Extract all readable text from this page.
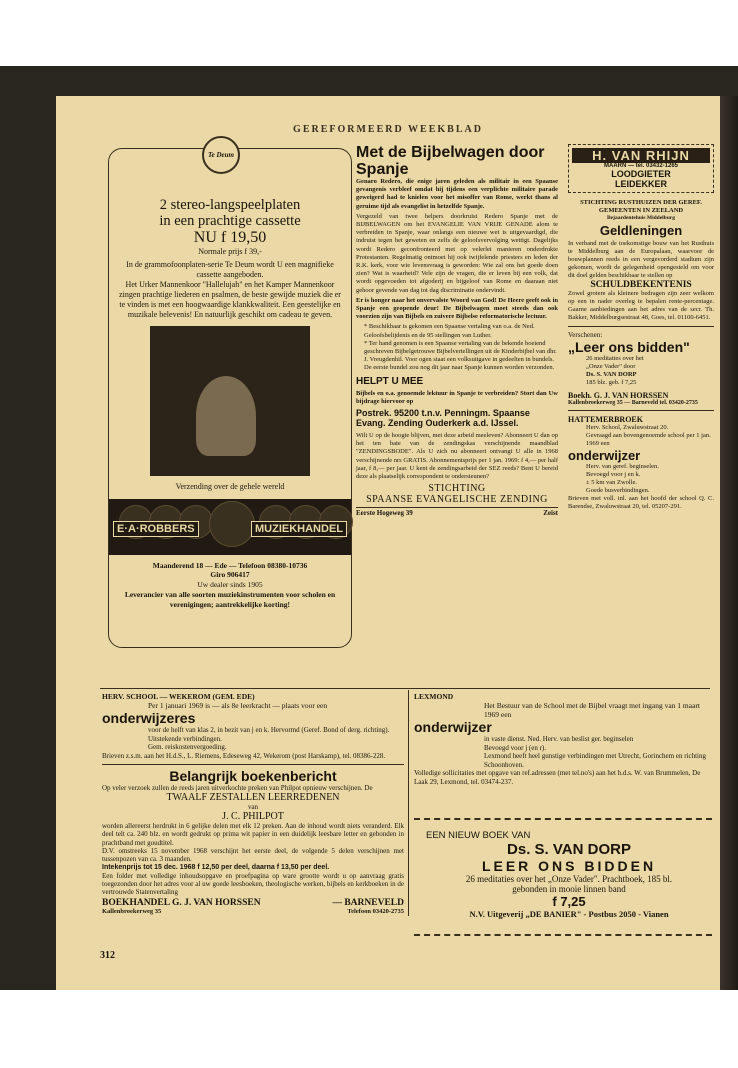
GEREFORMEERD WEEKBLAD
2 stereo-langspeelplaten
in een prachtige cassette
NU f 19,50
Normale prijs f 39,-

In de grammofoonplaten-serie Te Deum wordt U een magnifieke cassette aangeboden.

Het Urker Mannenkoor "Hallelujah" en het Kamper Mannenkoor zingen prachtige liederen en psalmen, de beste gewijde muziek die er te vinden is met een hoogwaardige klankkwaliteit. Een geestelijke en muzikale belevenis! En natuurlijk geschikt om cadeau te geven.

Verzending over de gehele wereld
E·A·ROBBERS	MUZIEKHANDEL
Maanderend 18 — Ede — Telefoon 08380-10736
Giro 906417
Uw dealer sinds 1905
Leverancier van alle soorten muziekinstrumenten voor scholen en verenigingen; aantrekkelijke korting!
Te Deum	Met de Bijbelwagen door Spanje

Genaro Redero, die enige jaren geleden als militair in een Spaanse gevangenis verbleef omdat hij tijdens een verplichte militaire parade geweigerd had te knielen voor het misoffer van Rome, werkt thans al geruime tijd als evangelist in hetzelfde Spanje.

Vergezeld van twee helpers doorkruist Redero Spanje met de BIJBELWAGEN om het EVANGELIE VAN VRIJE GENADE alom te verbreiden in Spanje, waar onlangs een nieuwe wet is uitgevaardigd, die indruist tegen het geweten en zelfs de geloofsvervolging wettigt. Dagelijks wordt Redero geconfronteerd met op velerlei manieren onderdrukte Protestanten. Regelmatig ontmoet hij ook twijfelende priesters en leden der R.K. kerk, voor wie levensvraag is geworden: Wie zal ons het goede doen zien? Wat is waarheid? Vele zijn de vragen, die er leven bij een volk, dat wordt opgevoeden tot afgoderij en bijgeloof van Rome en daaraan niet gehoor gevende van dag tot dag discriminatie ondervindt.

Er is honger naar het onvervalste Woord van God! De Heere geeft ook in Spanje een geopende deur! De Bijbelwagen moet steeds dan ook voorzien zijn van Bijbels en zuivere Bijbelse reformatorische lectuur.

* Beschikbaar is gekomen een Spaanse vertaling van o.a. de Ned. Geloofsbelijdenis en de 95 stellingen van Luther.
* Ter hand genomen is een Spaanse vertaling van de bekende boeiend geschreven Bijbelgetrouwe Bijbelvertellingen uit de Kinderbijbel van dhr. J. Vreugdenhil. Voor ogen staat een volksuitgave in gedeelten in bundels. De eerste bundel zou nog dit jaar naar Spanje kunnen worden verzonden.
HELPT U MEE

Bijbels en o.a. genoemde lektuur in Spanje te verbreiden? Stort dan Uw bijdrage hiervoor op

Postrek. 95200 t.n.v. Penningm. Spaanse Evang. Zending Ouderkerk a.d. IJssel.

Wilt U op de hoogte blijven, met deze arbeid meeleven? Abonneert U dan op het ten bate van de zendingskas verschijnende maandblad "ZENDINGSBODE". Als U zich nu abonneert ontvangt U alle in 1968 verschijnende nrs GRATIS. Abonnementsprijs per 1 jan. 1969: f 4,— per half jaar, f 8,— per jaar. U kent de zendingsarbeid der SEZ reeds? Bent U bereid deze als plaatselijk correspondent te ondersteunen?

STICHTING
SPAANSE EVANGELISCHE ZENDING
Eerste Hogeweg 39	Zeist
H. VAN RHIJN
MAARN — tel. 03432-1265
LOODGIETER
LEIDEKKER
STICHTING RUSTHUIZEN DER GEREF. GEMEENTEN IN ZEELAND
Bejaardentehuis Middelburg
Geldleningen

In verband met de toekomstige bouw van het Rusthuis te Middelburg aan de Europalaan, waarvoor de bouwplannen reeds in een vergevorderd stadium zijn gekomen, wordt de gelegenheid opengesteld om voor dit doel gelden beschikbaar te stellen op

SCHULDBEKENTENIS

Zowel grotere als kleinere bedragen zijn zeer welkom op een in nader overleg te bepalen rente-percentage. Gaarne aanbiedingen aan het adres van de secr. Th. Bakker, Middelburgsestraat 48, Goes, tel. 01100-6451.

Verschenen:
„Leer ons bidden"
26 meditaties over het
„Onze Vader" door
Ds. S. VAN DORP
185 blz. geb. f 7,25
Boekh. G. J. VAN HORSSEN
Kallenbroekerweg 35 — Barneveld tel. 03420-2735
HATTEMERBROEK
Herv. School, Zwaluwstraat 20.
Gevraagd aan bovengenoemde school per 1 jan. 1969 een
onderwijzer
Herv. van geref. beginselen.
Bevoegd voor j en k.
± 5 km van Zwolle.
Goede busverbindingen.

Brieven met voll. inl. aan het hoofd der school Q. C. Barendse, Zwaluwstraat 20, tel. 05207-291.

HERV. SCHOOL — WEKEROM (GEM. EDE)
Per 1 januari 1969 is — als 8e leerkracht — plaats voor een
onderwijzeres
voor de helft van klas 2, in bezit van j en k. Hervormd (Geref. Bond of derg. richting). Uitstekende verbindingen.
Gem. reiskostenvergoeding.

Brieven z.s.m. aan het H.d.S., L. Riemens, Edeseweg 42, Wekerom (post Harskamp), tel. 08386-228.

Belangrijk boekenbericht

Op veler verzoek zullen de reeds jaren uitverkochte preken van Philpot opnieuw verschijnen. De

TWAALF ZESTALLEN LEERREDENEN
van
J. C. PHILPOT

worden allereerst herdrukt in 6 gelijke delen met elk 12 preken. Aan de inhoud wordt niets veranderd. Elk deel telt ca. 240 blz. en wordt gedrukt op prima wit papier in een duidelijk leesbare letter en gebonden in prachtband met goudtitel.

D.V. omstreeks 15 november 1968 verschijnt het eerste deel, de volgende 5 delen verschijnen met tussenpozen van ca. 3 maanden.

Intekenprijs tot 15 dec. 1968 f 12,50 per deel, daarna f 13,50 per deel.

Een folder met volledige inhoudsopgave en proefpagina op ware grootte wordt u op aanvraag gratis toegezonden door het adres voor al uw goede leesboeken, theologische werken, bijbels en kerkboeken in de vertrouwde Statenvertaling

BOEKHANDEL G. J. VAN HORSSEN	— BARNEVELD
Kallenbroekerweg 35	Telefoon 03420-2735
LEXMOND
Het Bestuur van de School met de Bijbel vraagt met ingang van 1 maart 1969 een
onderwijzer
in vaste dienst. Ned. Herv. van beslist ger. beginselen
Bevoegd voor j (en r).
Lexmond heeft heel gunstige verbindingen met Utrecht, Gorinchem en richting Schoonhoven.

Volledige sollicitaties met opgave van ref.adressen (met tel.no's) aan het h.d.s. W. van Brummelen, De Laak 29, Lexmond, tel. 03474-237.

EEN NIEUW BOEK VAN
Ds. S. VAN DORP
LEER ONS BIDDEN
26 meditaties over het „Onze Vader". Prachtboek, 185 bl.
gebonden in mooie linnen band
f 7,25
N.V. Uitgeverij „DE BANIER" - Postbus 2050 - Vianen
312
